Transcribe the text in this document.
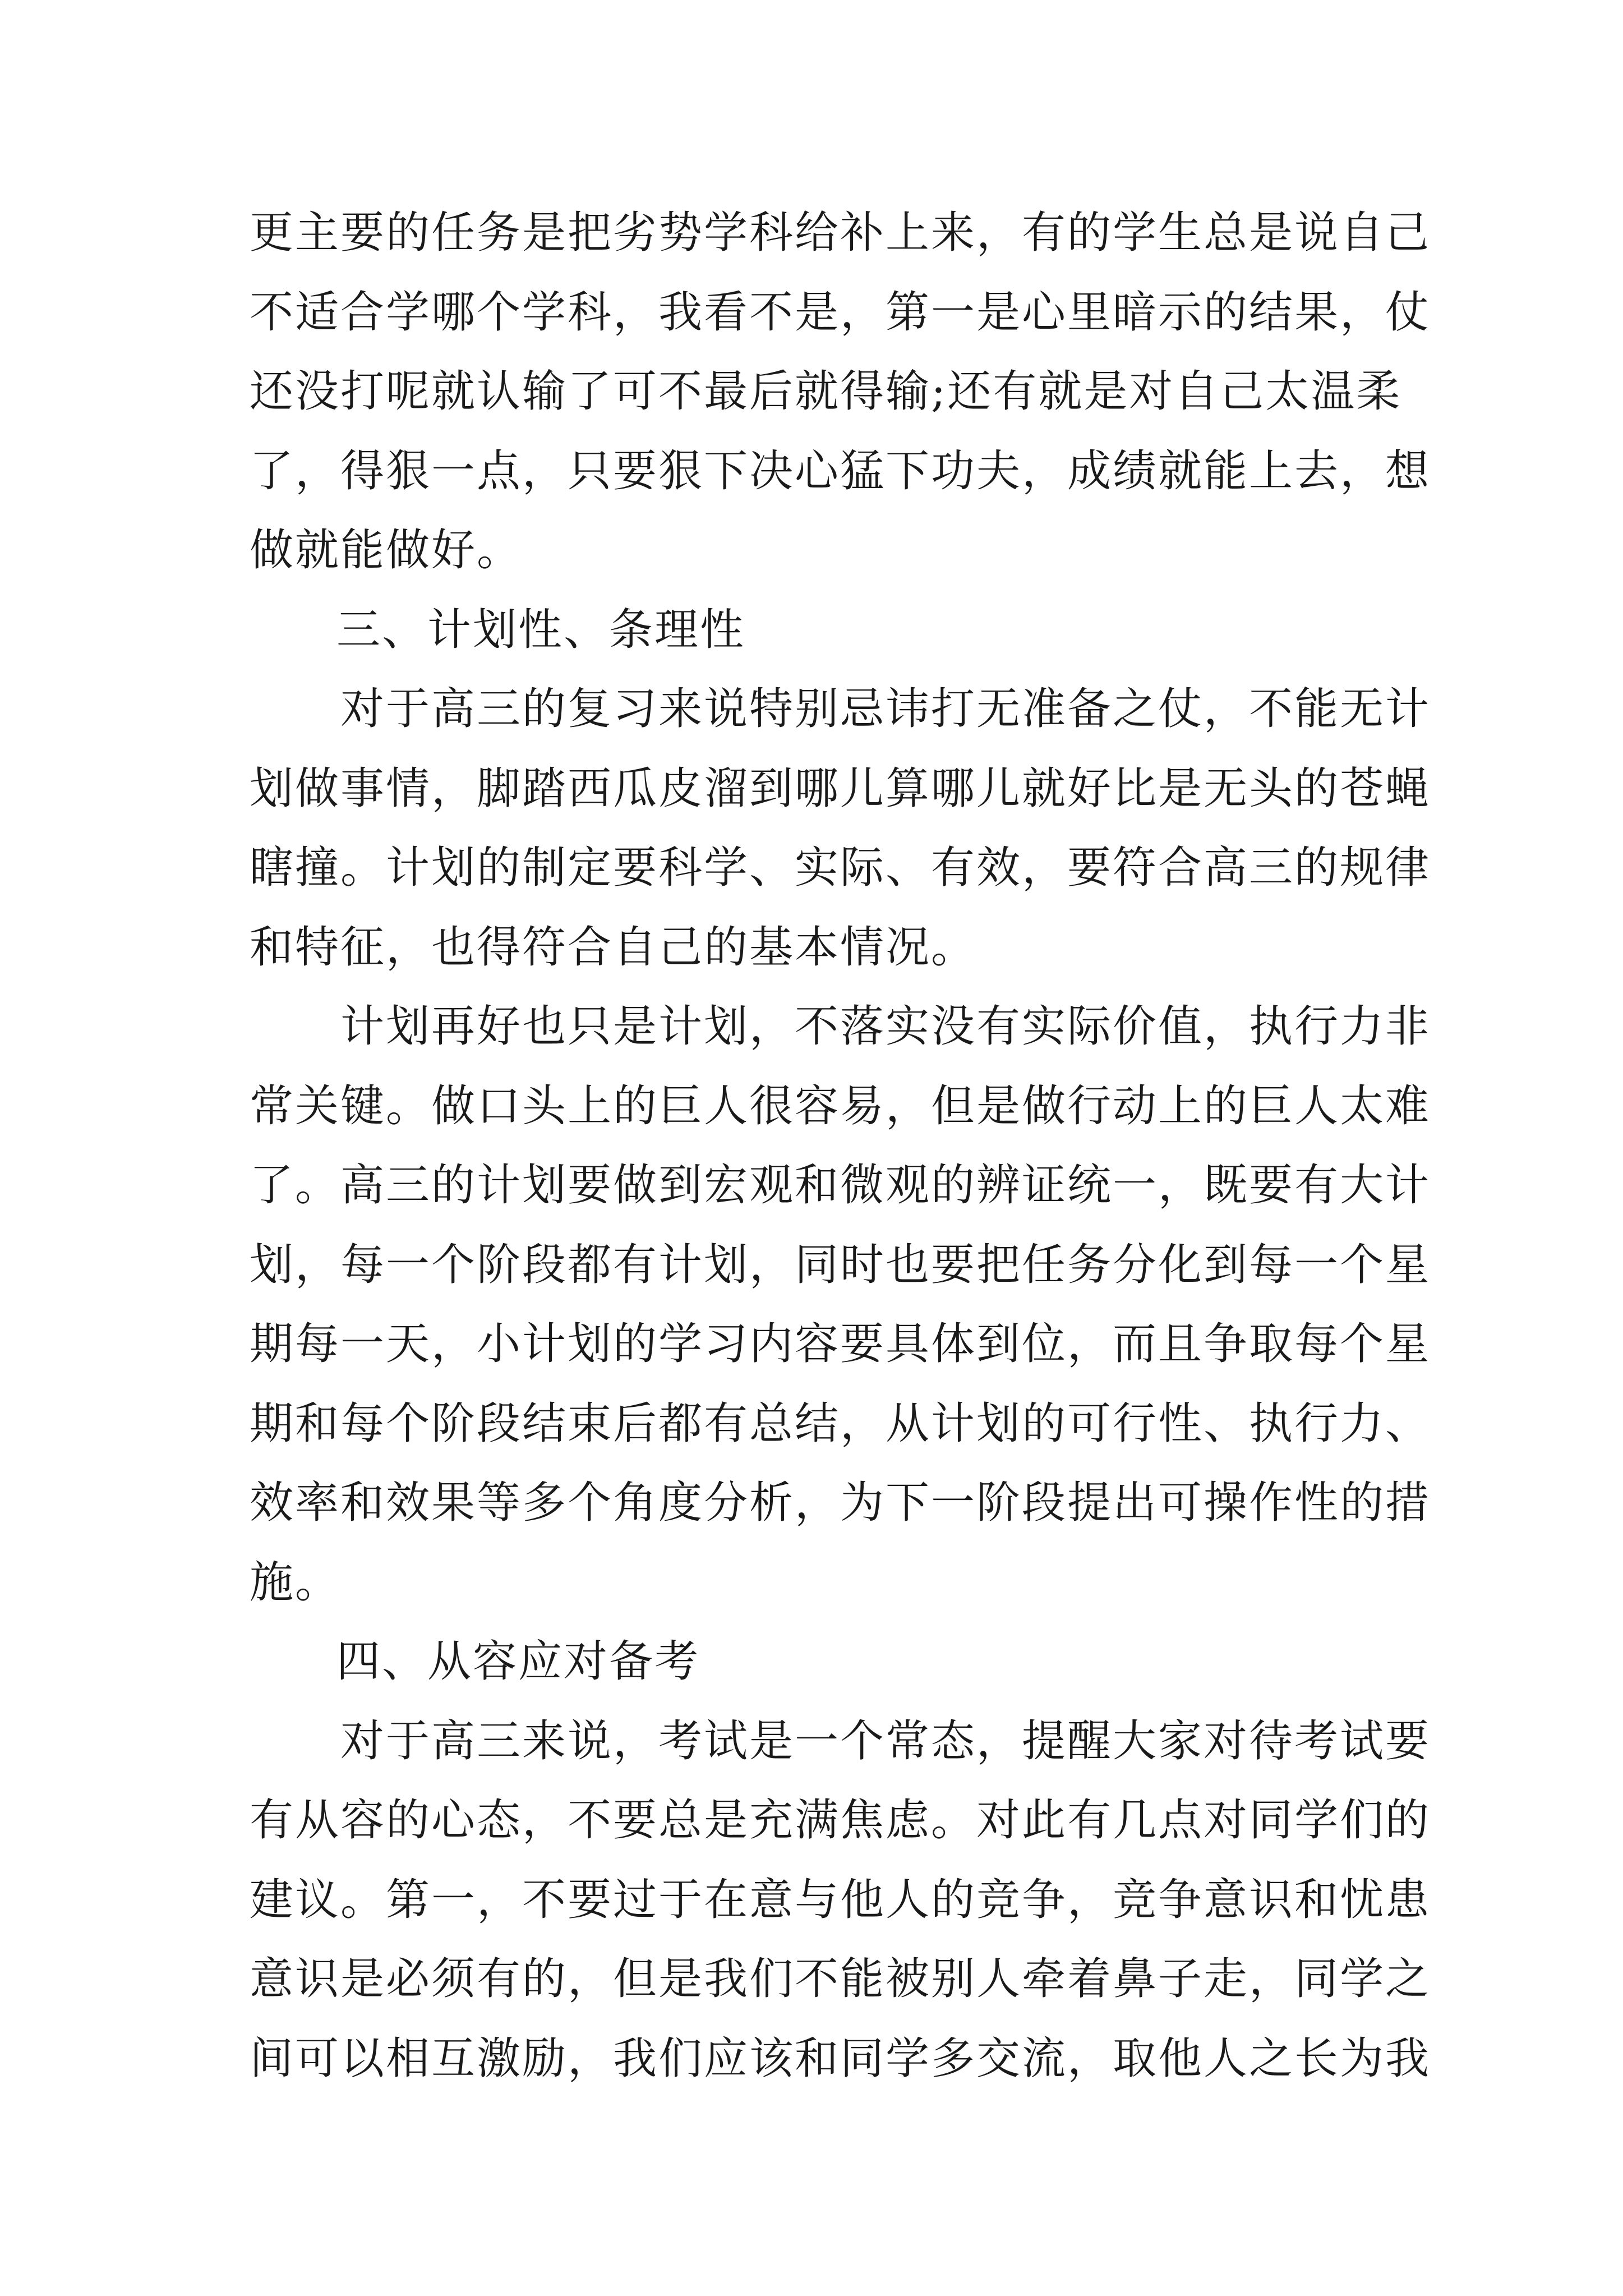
更主要的任务是把劣势学科给补上来，有的学生总是说自己
不适合学哪个学科，我看不是，第一是心里暗示的结果，仗
还没打呢就认输了可不最后就得输;还有就是对自己太温柔
了，得狠一点，只要狠下决心猛下功夫，成绩就能上去，想
做就能做好。
三、计划性、条理性
　　对于高三的复习来说特别忌讳打无准备之仗，不能无计
划做事情，脚踏西瓜皮溜到哪儿算哪儿就好比是无头的苍蝇
瞎撞。计划的制定要科学、实际、有效，要符合高三的规律
和特征，也得符合自己的基本情况。
　　计划再好也只是计划，不落实没有实际价值，执行力非
常关键。做口头上的巨人很容易，但是做行动上的巨人太难
了。高三的计划要做到宏观和微观的辨证统一，既要有大计
划，每一个阶段都有计划，同时也要把任务分化到每一个星
期每一天，小计划的学习内容要具体到位，而且争取每个星
期和每个阶段结束后都有总结，从计划的可行性、执行力、
效率和效果等多个角度分析，为下一阶段提出可操作性的措
施。
四、从容应对备考
　　对于高三来说，考试是一个常态，提醒大家对待考试要
有从容的心态，不要总是充满焦虑。对此有几点对同学们的
建议。第一，不要过于在意与他人的竞争，竞争意识和忧患
意识是必须有的，但是我们不能被别人牵着鼻子走，同学之
间可以相互激励，我们应该和同学多交流，取他人之长为我
